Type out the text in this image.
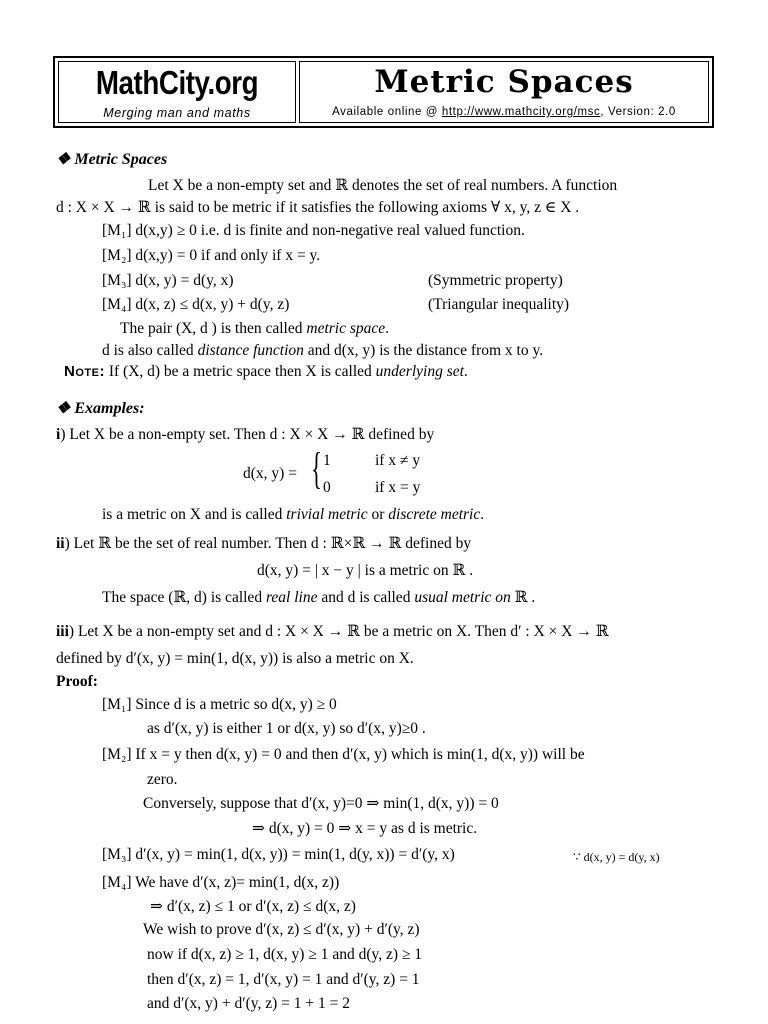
MathCity.org
Merging man and maths
Metric Spaces
Available online @ http://www.mathcity.org/msc, Version: 2.0
❖ Metric Spaces
Let X be a non-empty set and ℝ denotes the set of real numbers. A function
d : X × X → ℝ is said to be metric if it satisfies the following axioms ∀ x, y, z ∈ X .
[M₁] d(x,y) ≥ 0 i.e. d is finite and non-negative real valued function.
[M₂] d(x,y) = 0 if and only if x = y.
[M₃] d(x, y) = d(y, x)	(Symmetric property)
[M₄] d(x, z) ≤ d(x, y) + d(y, z)	(Triangular inequality)
The pair (X, d ) is then called metric space.
d is also called distance function and d(x, y) is the distance from x to y.
Note: If (X, d) be a metric space then X is called underlying set.
❖ Examples:
i) Let X be a non-empty set. Then d : X × X → ℝ defined by
d(x, y) = { 1	if x ≠ y
0	if x = y
is a metric on X and is called trivial metric or discrete metric.
ii) Let ℝ be the set of real number. Then d : ℝ×ℝ → ℝ defined by
d(x, y) = | x − y | is a metric on ℝ .
The space (ℝ, d) is called real line and d is called usual metric on ℝ .
iii) Let X be a non-empty set and d : X × X → ℝ be a metric on X. Then d′ : X × X → ℝ
defined by d′(x, y) = min(1, d(x, y)) is also a metric on X.
Proof:
[M₁] Since d is a metric so d(x, y) ≥ 0
as d′(x, y) is either 1 or d(x, y) so d′(x, y)≥0 .
[M₂] If x = y then d(x, y) = 0 and then d′(x, y) which is min(1, d(x, y)) will be
zero.
Conversely, suppose that d′(x, y)=0 ⇒ min(1, d(x, y)) = 0
⇒ d(x, y) = 0 ⇒ x = y as d is metric.
[M₃] d′(x, y) = min(1, d(x, y)) = min(1, d(y, x)) = d′(y, x)	∵ d(x, y) = d(y, x)
[M₄] We have d′(x, z)= min(1, d(x, z))
⇒ d′(x, z) ≤ 1 or d′(x, z) ≤ d(x, z)
We wish to prove d′(x, z) ≤ d′(x, y) + d′(y, z)
now if d(x, z) ≥ 1, d(x, y) ≥ 1 and d(y, z) ≥ 1
then d′(x, z) = 1, d′(x, y) = 1 and d′(y, z) = 1
and d′(x, y) + d′(y, z) = 1 + 1 = 2
